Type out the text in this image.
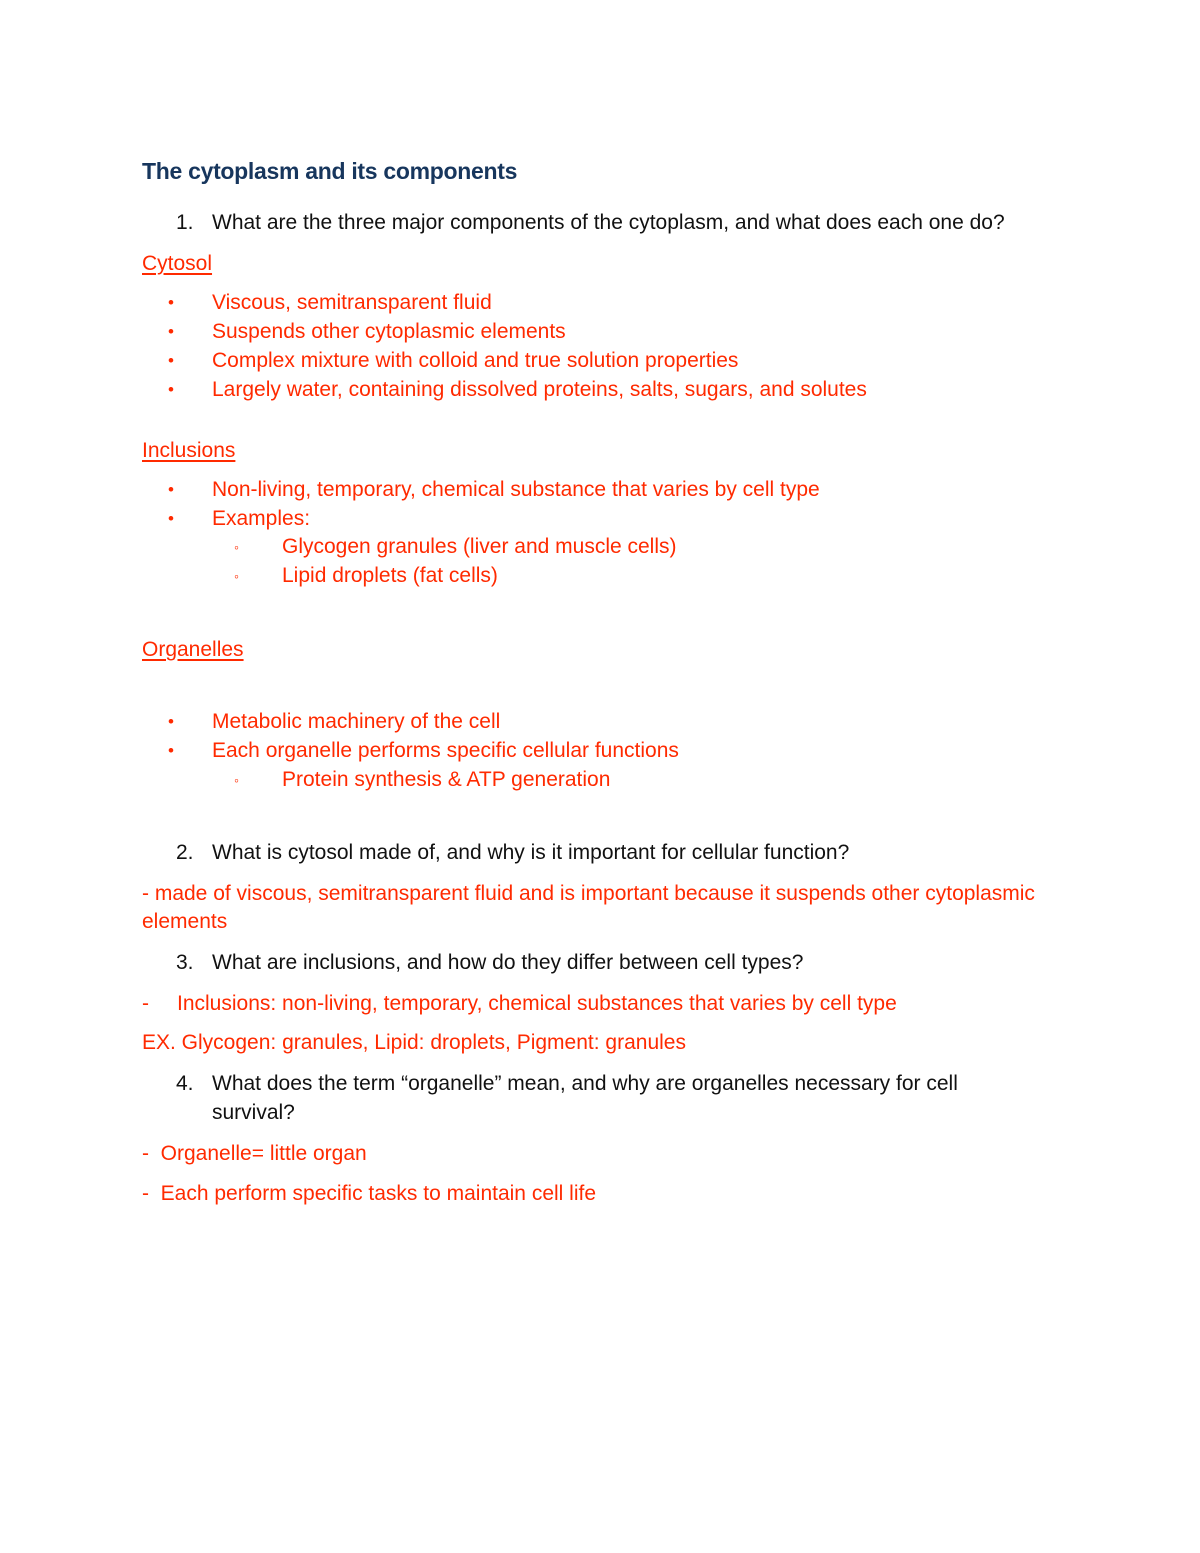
The cytoplasm and its components
1. What are the three major components of the cytoplasm, and what does each one do?
Cytosol
• Viscous, semitransparent fluid
• Suspends other cytoplasmic elements
• Complex mixture with colloid and true solution properties
• Largely water, containing dissolved proteins, salts, sugars, and solutes
Inclusions
• Non-living, temporary, chemical substance that varies by cell type
• Examples:
◦ Glycogen granules (liver and muscle cells)
◦ Lipid droplets (fat cells)
Organelles
• Metabolic machinery of the cell
• Each organelle performs specific cellular functions
◦ Protein synthesis & ATP generation
2. What is cytosol made of, and why is it important for cellular function?
- made of viscous, semitransparent fluid and is important because it suspends other cytoplasmic
elements
3. What are inclusions, and how do they differ between cell types?
- Inclusions: non-living, temporary, chemical substances that varies by cell type
EX. Glycogen: granules, Lipid: droplets, Pigment: granules
4. What does the term “organelle” mean, and why are organelles necessary for cell
survival?
-  Organelle= little organ
-  Each perform specific tasks to maintain cell life
